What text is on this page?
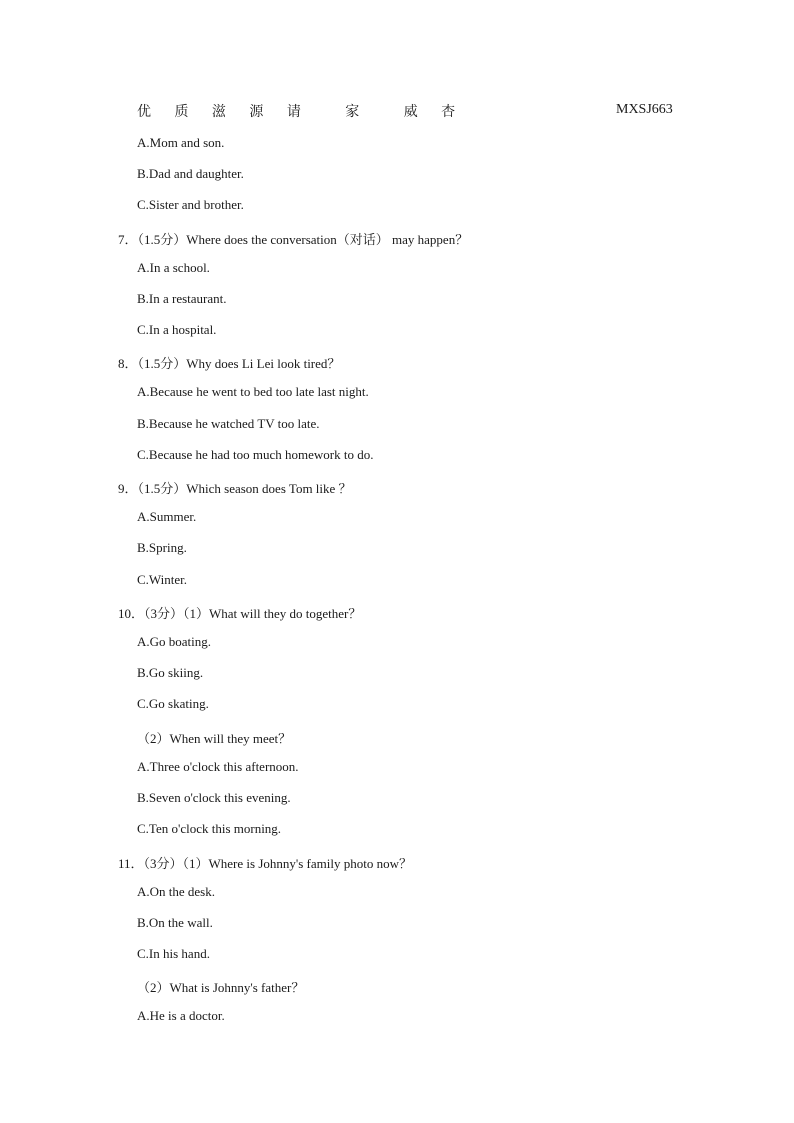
优 质 滋 源 请	家	威 杏	MXSJ663
A.Mom and son.
B.Dad and daughter.
C.Sister and brother.
7．（1.5分）Where does the conversation（对话） may happen？
A.In a school.
B.In a restaurant.
C.In a hospital.
8．（1.5分）Why does Li Lei look tired？
A.Because he went to bed too late last night.
B.Because he watched TV too late.
C.Because he had too much homework to do.
9．（1.5分）Which season does Tom like ？
A.Summer.
B.Spring.
C.Winter.
10．（3分）（1）What will they do together？
A.Go boating.
B.Go skiing.
C.Go skating.
（2）When will they meet？
A.Three o'clock this afternoon.
B.Seven o'clock this evening.
C.Ten o'clock this morning.
11．（3分）（1）Where is Johnny's family photo now？
A.On the desk.
B.On the wall.
C.In his hand.
（2）What is Johnny's father？
A.He is a doctor.
